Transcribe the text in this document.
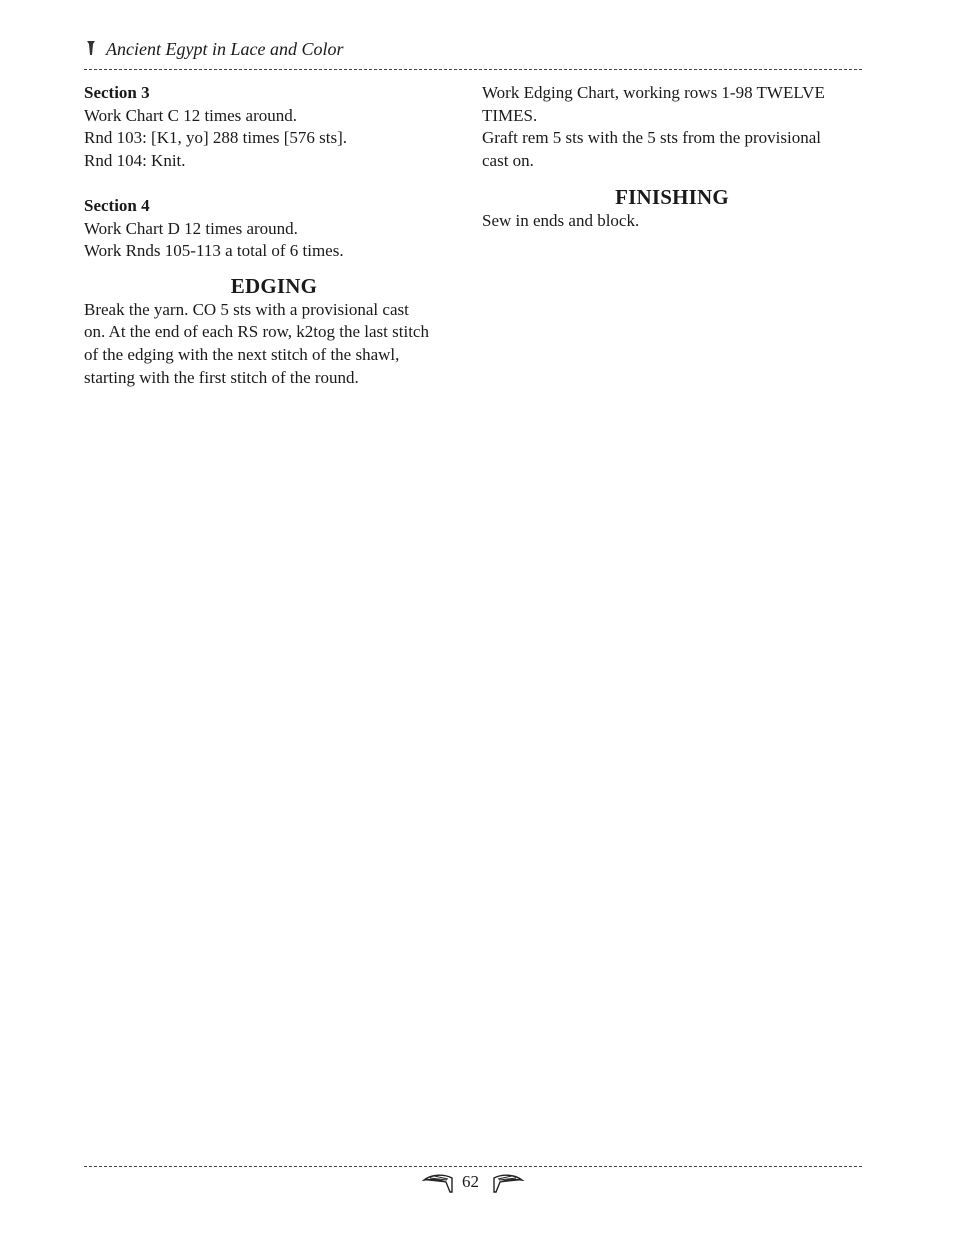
Ancient Egypt in Lace and Color

Section 3

Work Chart C 12 times around.

Rnd 103: [K1, yo] 288 times [576 sts].

Rnd 104: Knit.

Section 4

Work Chart D 12 times around.

Work Rnds 105-113 a total of 6 times.

EDGING

Break the yarn. CO 5 sts with a provisional cast

on. At the end of each RS row, k2tog the last stitch

of the edging with the next stitch of the shawl,

starting with the first stitch of the round.

Work Edging Chart, working rows 1-98 TWELVE

TIMES.

Graft rem 5 sts with the 5 sts from the provisional

cast on.

FINISHING

Sew in ends and block.

62
